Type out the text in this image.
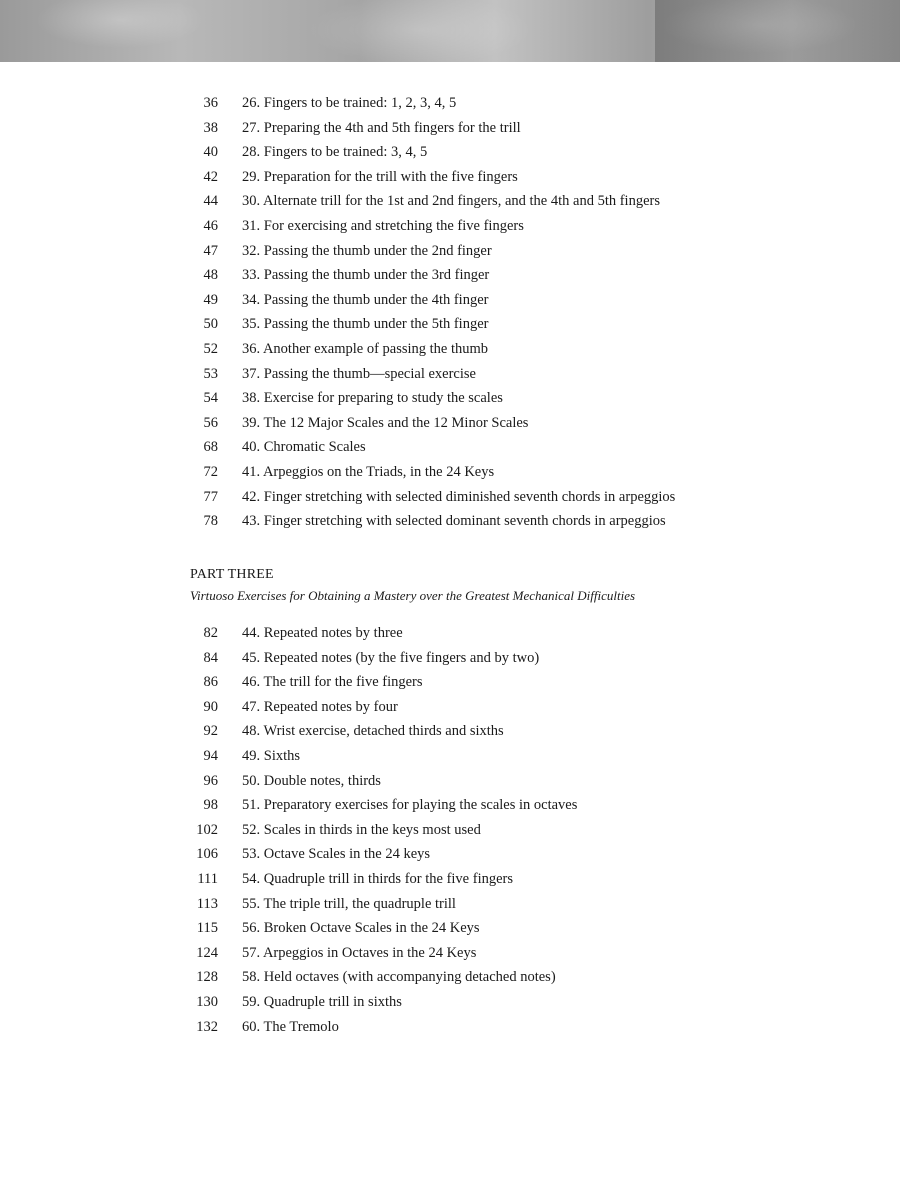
36 26. Fingers to be trained: 1, 2, 3, 4, 5
38 27. Preparing the 4th and 5th fingers for the trill
40 28. Fingers to be trained: 3, 4, 5
42 29. Preparation for the trill with the five fingers
44 30. Alternate trill for the 1st and 2nd fingers, and the 4th and 5th fingers
46 31. For exercising and stretching the five fingers
47 32. Passing the thumb under the 2nd finger
48 33. Passing the thumb under the 3rd finger
49 34. Passing the thumb under the 4th finger
50 35. Passing the thumb under the 5th finger
52 36. Another example of passing the thumb
53 37. Passing the thumb—special exercise
54 38. Exercise for preparing to study the scales
56 39. The 12 Major Scales and the 12 Minor Scales
68 40. Chromatic Scales
72 41. Arpeggios on the Triads, in the 24 Keys
77 42. Finger stretching with selected diminished seventh chords in arpeggios
78 43. Finger stretching with selected dominant seventh chords in arpeggios
PART THREE
Virtuoso Exercises for Obtaining a Mastery over the Greatest Mechanical Difficulties
82 44. Repeated notes by three
84 45. Repeated notes (by the five fingers and by two)
86 46. The trill for the five fingers
90 47. Repeated notes by four
92 48. Wrist exercise, detached thirds and sixths
94 49. Sixths
96 50. Double notes, thirds
98 51. Preparatory exercises for playing the scales in octaves
102 52. Scales in thirds in the keys most used
106 53. Octave Scales in the 24 keys
111 54. Quadruple trill in thirds for the five fingers
113 55. The triple trill, the quadruple trill
115 56. Broken Octave Scales in the 24 Keys
124 57. Arpeggios in Octaves in the 24 Keys
128 58. Held octaves (with accompanying detached notes)
130 59. Quadruple trill in sixths
132 60. The Tremolo
